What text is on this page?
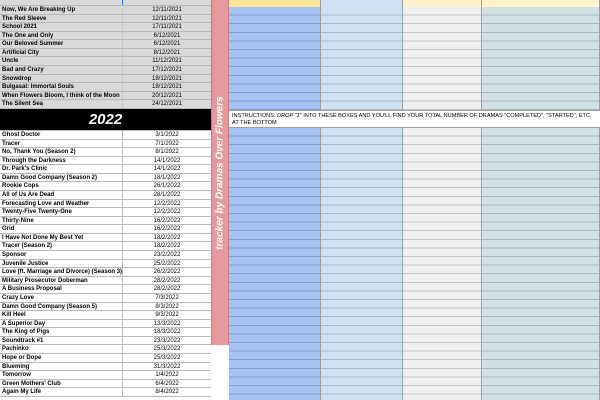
Now, We Are Breaking Up	12/11/2021
The Red Sleeve	12/11/2021
School 2021	17/11/2021
The One and Only	6/12/2021
Our Beloved Summer	6/12/2021
Artificial City	8/12/2021
Uncle	11/12/2021
Bad and Crazy	17/12/2021
Snowdrop	18/12/2021
Bulgasal: Immortal Souls	18/12/2021
When Flowers Bloom, I think of the Moon	20/12/2021
The Silent Sea	24/12/2021
2022
Ghost Doctor	3/1/2022
Tracer	7/1/2022
No, Thank You (Season 2)	8/1/2022
Through the Darkness	14/1/2022
Dr. Park's Clinic	14/1/2022
Damn Good Company (Season 2)	18/1/2022
Rookie Cops	26/1/2022
All of Us Are Dead	28/1/2022
Forecasting Love and Weather	12/2/2022
Twenty-Five Twenty-One	12/2/2022
Thirty-Nine	16/2/2022
Grid	16/2/2022
I Have Not Done My Best Yet	18/2/2022
Tracer (Season 2)	18/2/2022
Sponsor	23/2/2022
Juvenile Justice	25/2/2022
Love (ft. Marriage and Divorce) (Season 3)	26/2/2022
Military Prosecutor Doberman	28/2/2022
A Business Proposal	28/2/2022
Crazy Love	7/3/2022
Damn Good Company (Season 5)	8/3/2022
Kill Heel	9/3/2022
A Superior Day	13/3/2022
The King of Pigs	18/3/2022
Soundtrack #1	23/3/2022
Pachinko	25/3/2022
Hope or Dope	25/3/2022
Blueming	31/3/2022
Tomorrow	1/4/2022
Green Mothers' Club	6/4/2022
Again My Life	8/4/2022
tracker by Dramas Over Flowers	INSTRUCTIONS: DROP "1" INTO THESE BOXES AND YOU'LL FIND YOUR TOTAL NUMBER OF DRAMAS "COMPLETED", "STARTED", ETC. AT THE BOTTOM
